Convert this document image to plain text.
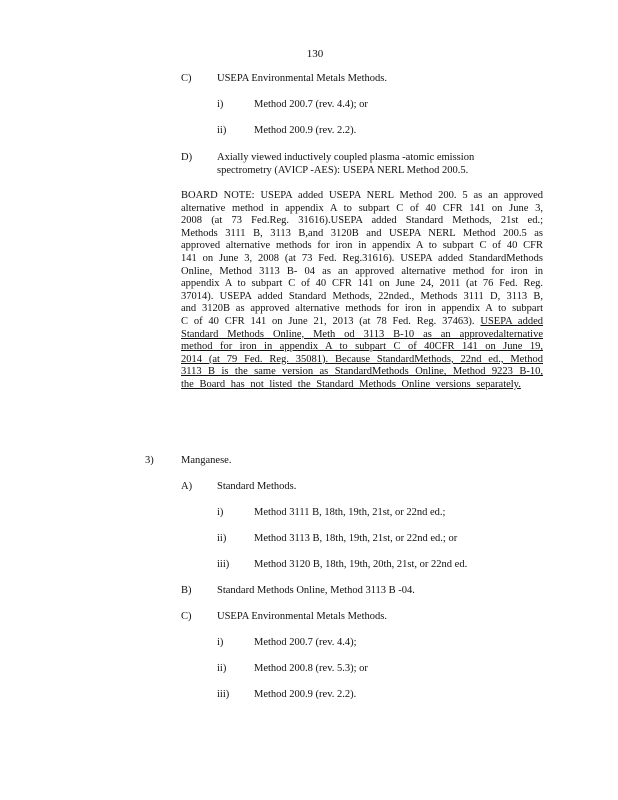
130
C)	USEPA Environmental Metals Methods.
i)	Method 200.7 (rev. 4.4); or
ii)	Method 200.9 (rev. 2.2).
D)	Axially viewed inductively coupled plasma -atomic emission
spectrometry (AVICP -AES): USEPA NERL Method 200.5.
BOARD NOTE: USEPA added USEPA NERL Method 200. 5 as an approved alternative method in appendix A to subpart C of 40 CFR 141 on June 3, 2008 (at 73 Fed.Reg. 31616).USEPA added Standard Methods, 21st ed.; Methods 3111 B, 3113 B,and 3120B and USEPA NERL Method 200.5 as approved alternative methods for iron in appendix A to subpart C of 40 CFR 141 on June 3, 2008 (at 73 Fed. Reg.31616). USEPA added StandardMethods Online, Method 3113 B- 04 as an approved alternative method for iron in appendix A to subpart C of 40 CFR 141 on June 24, 2011 (at 76 Fed. Reg. 37014). USEPA added Standard Methods, 22nded., Methods 3111 D, 3113 B, and 3120B as approved alternative methods for iron in appendix A to subpart C of 40 CFR 141 on June 21, 2013 (at 78 Fed. Reg. 37463). USEPA added Standard Methods Online, Meth od 3113 B-10 as an approvedalternative method for iron in appendix A to subpart C of 40CFR 141 on June 19, 2014 (at 79 Fed. Reg. 35081). Because StandardMethods, 22nd ed., Method 3113 B is the same version as StandardMethods Online, Method 9223 B-10, the Board has not listed the Standard Methods Online versions separately.
3)	Manganese.
A)	Standard Methods.
i)	Method 3111 B, 18th, 19th, 21st, or 22nd ed.;
ii)	Method 3113 B, 18th, 19th, 21st, or 22nd ed.; or
iii)	Method 3120 B, 18th, 19th, 20th, 21st, or 22nd ed.
B)	Standard Methods Online, Method 3113 B -04.
C)	USEPA Environmental Metals Methods.
i)	Method 200.7 (rev. 4.4);
ii)	Method 200.8 (rev. 5.3); or
iii)	Method 200.9 (rev. 2.2).
